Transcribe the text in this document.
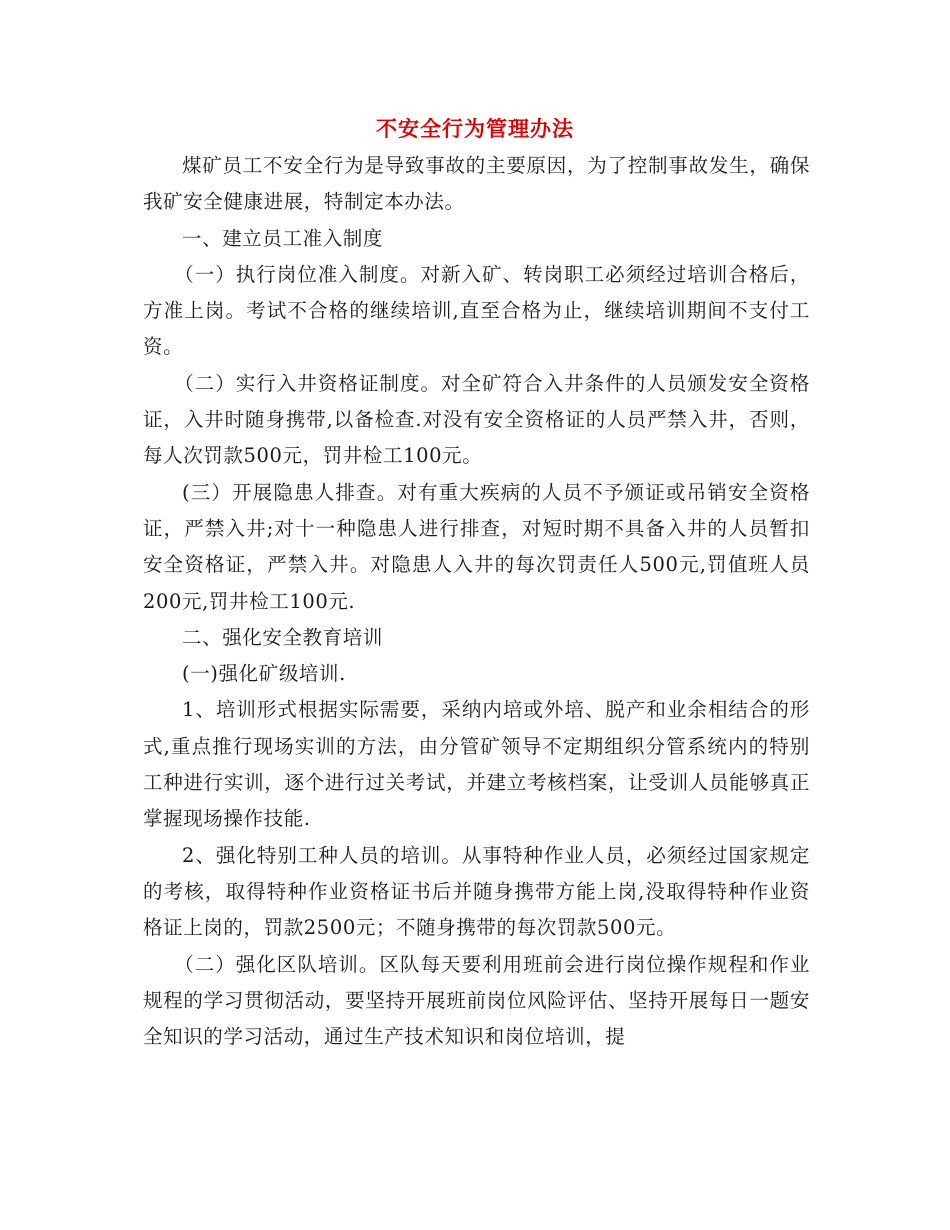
不安全行为管理办法

煤矿员工不安全行为是导致事故的主要原因，为了控制事故发生，确保我矿安全健康进展，特制定本办法。

一、建立员工准入制度

（一）执行岗位准入制度。对新入矿、转岗职工必须经过培训合格后，方准上岗。考试不合格的继续培训,直至合格为止，继续培训期间不支付工资。

（二）实行入井资格证制度。对全矿符合入井条件的人员颁发安全资格证，入井时随身携带,以备检查.对没有安全资格证的人员严禁入井，否则，每人次罚款500元，罚井检工100元。

(三）开展隐患人排查。对有重大疾病的人员不予颁证或吊销安全资格证，严禁入井;对十一种隐患人进行排查，对短时期不具备入井的人员暂扣安全资格证，严禁入井。对隐患人入井的每次罚责任人500元,罚值班人员200元,罚井检工100元.

二、强化安全教育培训

(一)强化矿级培训.

1、培训形式根据实际需要，采纳内培或外培、脱产和业余相结合的形式,重点推行现场实训的方法，由分管矿领导不定期组织分管系统内的特别工种进行实训，逐个进行过关考试，并建立考核档案，让受训人员能够真正掌握现场操作技能.

2、强化特别工种人员的培训。从事特种作业人员，必须经过国家规定的考核，取得特种作业资格证书后并随身携带方能上岗,没取得特种作业资格证上岗的，罚款2500元；不随身携带的每次罚款500元。

（二）强化区队培训。区队每天要利用班前会进行岗位操作规程和作业规程的学习贯彻活动，要坚持开展班前岗位风险评估、坚持开展每日一题安全知识的学习活动，通过生产技术知识和岗位培训，提
